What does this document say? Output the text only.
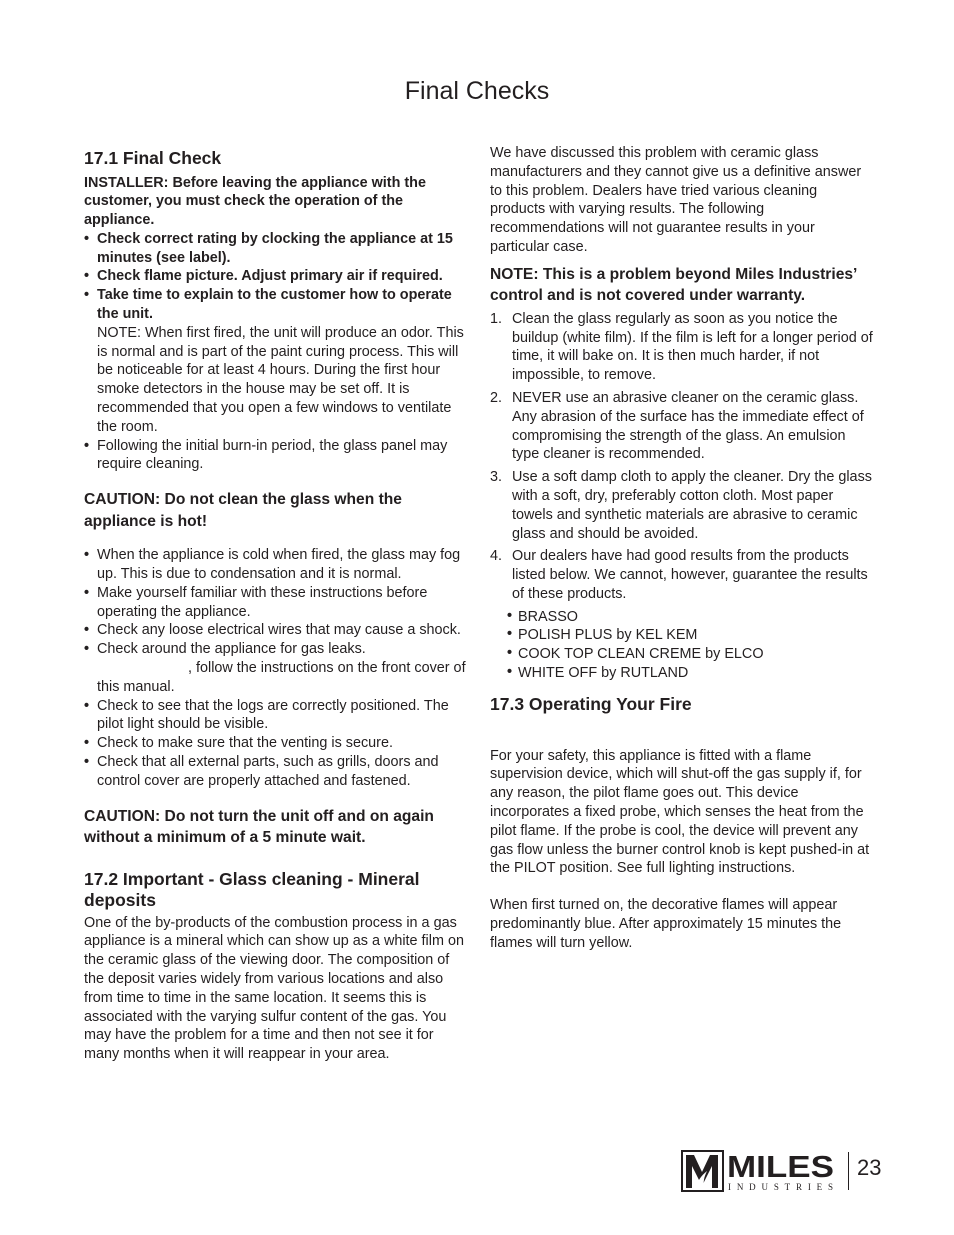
Final Checks
17.1 Final Check

INSTALLER: Before leaving the appliance with the customer, you must check the operation of the appliance.

• Check correct rating by clocking the appliance at 15 minutes (see label).
• Check flame picture. Adjust primary air if required.
• Take time to explain to the customer how to operate the unit.

NOTE: When first fired, the unit will produce an odor. This is normal and is part of the paint curing process. This will be noticeable for at least 4 hours. During the first hour smoke detectors in the house may be set off. It is recommended that you open a few windows to ventilate the room.

• Following the initial burn-in period, the glass panel may require cleaning.

CAUTION: Do not clean the glass when the appliance is hot!

• When the appliance is cold when fired, the glass may fog up. This is due to condensation and it is normal.
• Make yourself familiar with these instructions before operating the appliance.
• Check any loose electrical wires that may cause a shock.
• Check around the appliance for gas leaks.
, follow the instructions on the front cover of this manual.
• Check to see that the logs are correctly positioned. The pilot light should be visible.
• Check to make sure that the venting is secure.
• Check that all external parts, such as grills, doors and control cover are properly attached and fastened.

CAUTION: Do not turn the unit off and on again without a minimum of a 5 minute wait.

17.2 Important - Glass cleaning - Mineral deposits

One of the by-products of the combustion process in a gas appliance is a mineral which can show up as a white film on the ceramic glass of the viewing door. The composition of the deposit varies widely from various locations and also from time to time in the same location. It seems this is associated with the varying sulfur content of the gas. You may have the problem for a time and then not see it for many months when it will reappear in your area.

We have discussed this problem with ceramic glass manufacturers and they cannot give us a definitive answer to this problem. Dealers have tried various cleaning products with varying results. The following recommendations will not guarantee results in your particular case.

NOTE: This is a problem beyond Miles Industries’ control and is not covered under warranty.

1. Clean the glass regularly as soon as you notice the buildup (white film). If the film is left for a longer period of time, it will bake on. It is then much harder, if not impossible, to remove.
2. NEVER use an abrasive cleaner on the ceramic glass. Any abrasion of the surface has the immediate effect of compromising the strength of the glass. An emulsion type cleaner is recommended.
3. Use a soft damp cloth to apply the cleaner. Dry the glass with a soft, dry, preferably cotton cloth. Most paper towels and synthetic materials are abrasive to ceramic glass and should be avoided.
4. Our dealers have had good results from the products listed below. We cannot, however, guarantee the results of these products.
• BRASSO
• POLISH PLUS by KEL KEM
• COOK TOP CLEAN CREME by ELCO
• WHITE OFF by RUTLAND
17.3 Operating Your Fire

For your safety, this appliance is fitted with a flame supervision device, which will shut-off the gas supply if, for any reason, the pilot flame goes out. This device incorporates a fixed probe, which senses the heat from the pilot flame. If the probe is cool, the device will prevent any gas flow unless the burner control knob is kept pushed-in at the PILOT position. See full lighting instructions.

When first turned on, the decorative flames will appear predominantly blue. After approximately 15 minutes the flames will turn yellow.

MILES
INDUSTRIES
23
